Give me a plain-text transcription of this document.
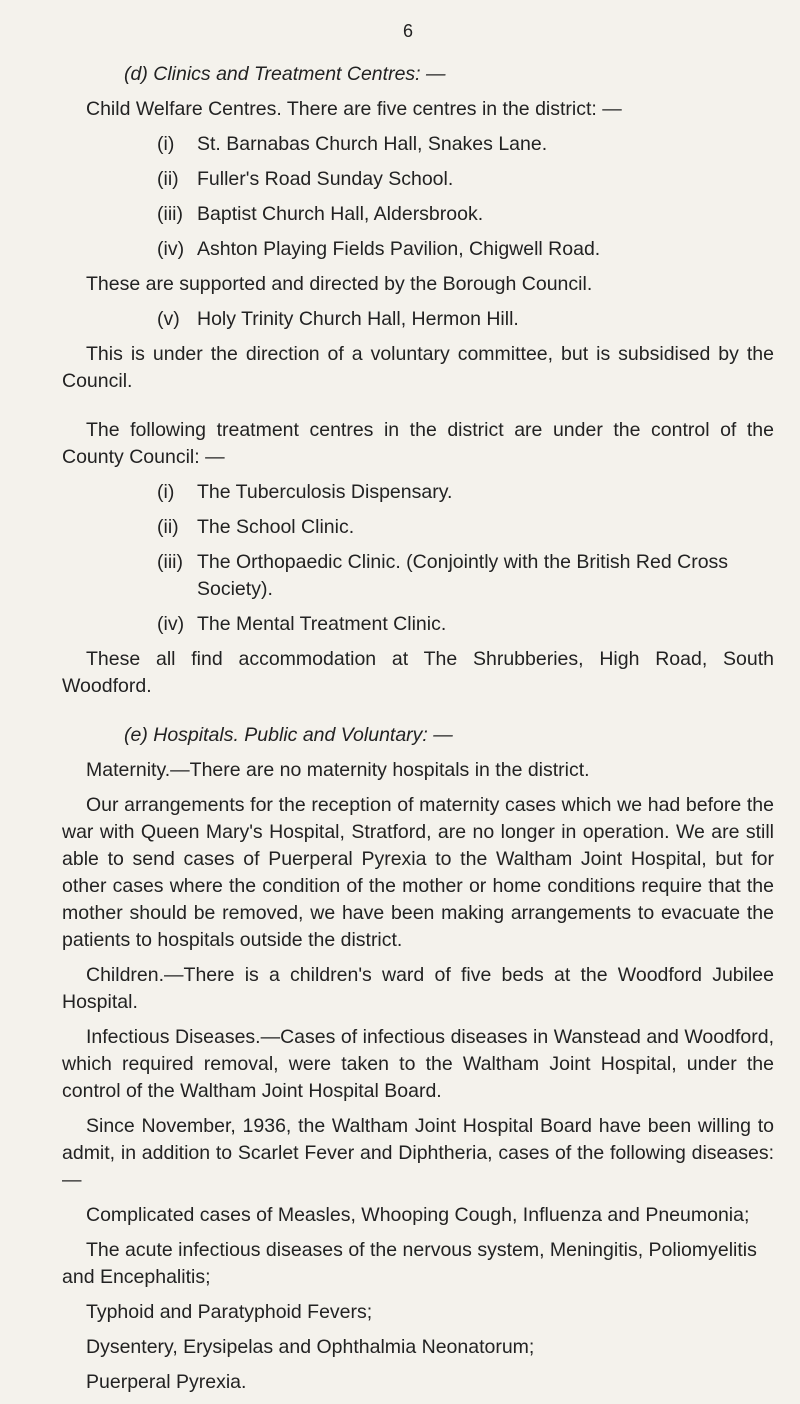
6

(d) Clinics and Treatment Centres: —

Child Welfare Centres. There are five centres in the district: —

(i)	St. Barnabas Church Hall, Snakes Lane.
(ii) Fuller's Road Sunday School.
(iii) Baptist Church Hall, Aldersbrook.
(iv) Ashton Playing Fields Pavilion, Chigwell Road.

These are supported and directed by the Borough Council.

(v) Holy Trinity Church Hall, Hermon Hill.

This is under the direction of a voluntary committee, but is subsidised by the Council.

The following treatment centres in the district are under the control of the County Council: —

(i)	The Tuberculosis Dispensary.
(ii) The School Clinic.
(iii) The Orthopaedic Clinic. (Conjointly with the British Red Cross Society).
(iv) The Mental Treatment Clinic.

These all find accommodation at The Shrubberies, High Road, South Woodford.

(e) Hospitals. Public and Voluntary: —

Maternity.—There are no maternity hospitals in the district.

Our arrangements for the reception of maternity cases which we had before the war with Queen Mary's Hospital, Stratford, are no longer in operation. We are still able to send cases of Puerperal Pyrexia to the Waltham Joint Hospital, but for other cases where the condition of the mother or home conditions require that the mother should be removed, we have been making arrangements to evacuate the patients to hospitals outside the district.

Children.—There is a children's ward of five beds at the Woodford Jubilee Hospital.

Infectious Diseases.—Cases of infectious diseases in Wanstead and Woodford, which required removal, were taken to the Waltham Joint Hospital, under the control of the Waltham Joint Hospital Board.

Since November, 1936, the Waltham Joint Hospital Board have been willing to admit, in addition to Scarlet Fever and Diphtheria, cases of the following diseases: —

Complicated cases of Measles, Whooping Cough, Influenza and Pneumonia;

The acute infectious diseases of the nervous system, Meningitis, Poliomyelitis and Encephalitis;

Typhoid and Paratyphoid Fevers;

Dysentery, Erysipelas and Ophthalmia Neonatorum;

Puerperal Pyrexia.
